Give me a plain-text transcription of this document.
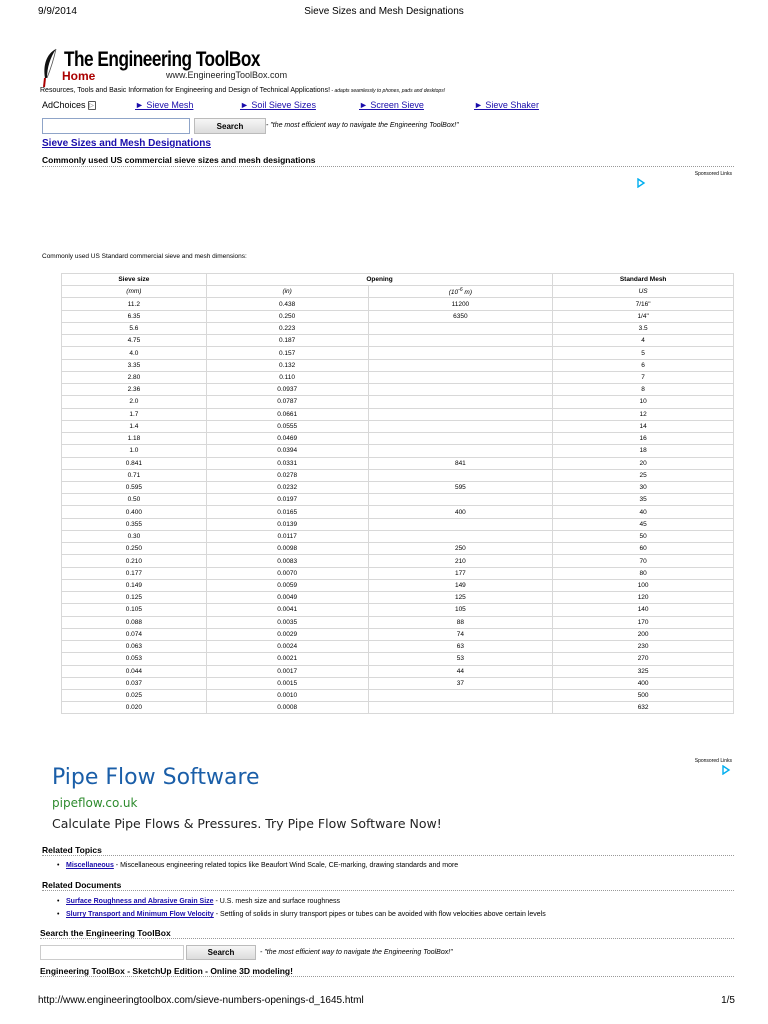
9/9/2014	Sieve Sizes and Mesh Designations
The Engineering ToolBox
Home	www.EngineeringToolBox.com
Resources, Tools and Basic Information for Engineering and Design of Technical Applications! - adapts seamlessly to phones, pads and desktops!
AdChoices ▷	► Sieve Mesh	► Soil Sieve Sizes	► Screen Sieve	► Sieve Shaker
Search	- "the most efficient way to navigate the Engineering ToolBox!"
Sieve Sizes and Mesh Designations
Commonly used US commercial sieve sizes and mesh designations
Sponsored Links
Commonly used US Standard commercial sieve and mesh dimensions:
Sieve size	Opening		Standard Mesh
(mm)	(in)	($10^{-6}$ m)	US
11.2	0.438	11200	7/16"
6.35	0.250	6350	1/4"
5.6	0.223		3.5
4.75	0.187		4
4.0	0.157		5
3.35	0.132		6
2.80	0.110		7
2.36	0.0937		8
2.0	0.0787		10
1.7	0.0661		12
1.4	0.0555		14
1.18	0.0469		16
1.0	0.0394		18
0.841	0.0331	841	20
0.71	0.0278		25
0.595	0.0232	595	30
0.50	0.0197		35
0.400	0.0165	400	40
0.355	0.0139		45
0.30	0.0117		50
0.250	0.0098	250	60
0.210	0.0083	210	70
0.177	0.0070	177	80
0.149	0.0059	149	100
0.125	0.0049	125	120
0.105	0.0041	105	140
0.088	0.0035	88	170
0.074	0.0029	74	200
0.063	0.0024	63	230
0.053	0.0021	53	270
0.044	0.0017	44	325
0.037	0.0015	37	400
0.025	0.0010		500
0.020	0.0008		632
Sponsored Links
Pipe Flow Software
pipeflow.co.uk
Calculate Pipe Flows & Pressures. Try Pipe Flow Software Now!
Related Topics
• Miscellaneous - Miscellaneous engineering related topics like Beaufort Wind Scale, CE-marking, drawing standards and more
Related Documents
• Surface Roughness and Abrasive Grain Size - U.S. mesh size and surface roughness
• Slurry Transport and Minimum Flow Velocity - Settling of solids in slurry transport pipes or tubes can be avoided with flow velocities above certain levels
Search the Engineering ToolBox
Search	- "the most efficient way to navigate the Engineering ToolBox!"
Engineering ToolBox - SketchUp Edition - Online 3D modeling!
http://www.engineeringtoolbox.com/sieve-numbers-openings-d_1645.html	1/5
